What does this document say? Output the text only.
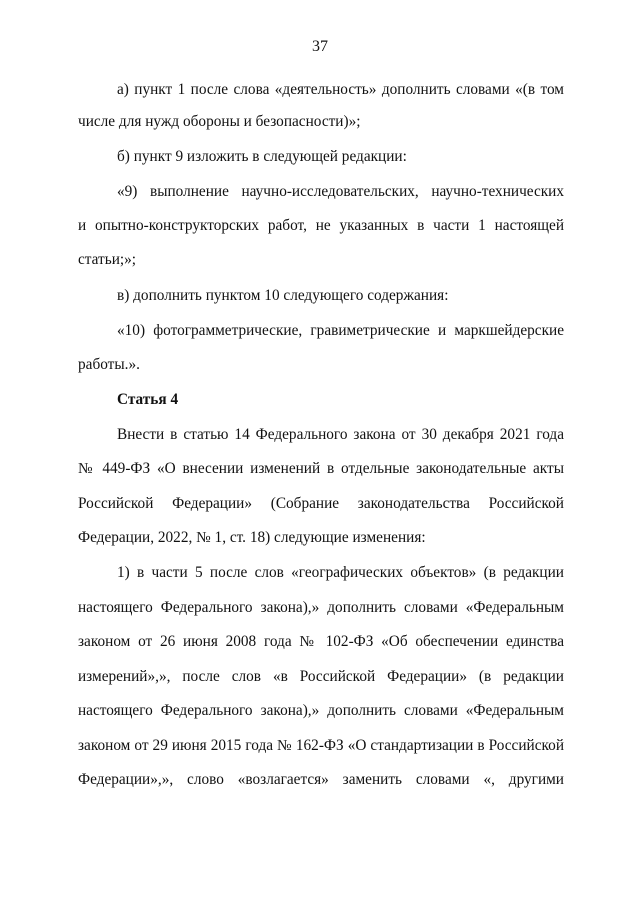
37
а) пункт 1 после слова «деятельность» дополнить словами «(в том
числе для нужд обороны и безопасности)»;
б) пункт 9 изложить в следующей редакции:
«9) выполнение научно-исследовательских, научно-технических
и опытно-конструкторских работ, не указанных в части 1 настоящей
статьи;»;
в) дополнить пунктом 10 следующего содержания:
«10) фотограмметрические, гравиметрические и маркшейдерские
работы.».
Статья 4
Внести в статью 14 Федерального закона от 30 декабря 2021 года
№ 449-ФЗ «О внесении изменений в отдельные законодательные акты
Российской Федерации» (Собрание законодательства Российской
Федерации, 2022, № 1, ст. 18) следующие изменения:
1) в части 5 после слов «географических объектов» (в редакции
настоящего Федерального закона),» дополнить словами «Федеральным
законом от 26 июня 2008 года № 102-ФЗ «Об обеспечении единства
измерений»,», после слов «в Российской Федерации» (в редакции
настоящего Федерального закона),» дополнить словами «Федеральным
законом от 29 июня 2015 года № 162-ФЗ «О стандартизации в Российской
Федерации»,», слово «возлагается» заменить словами «, другими
